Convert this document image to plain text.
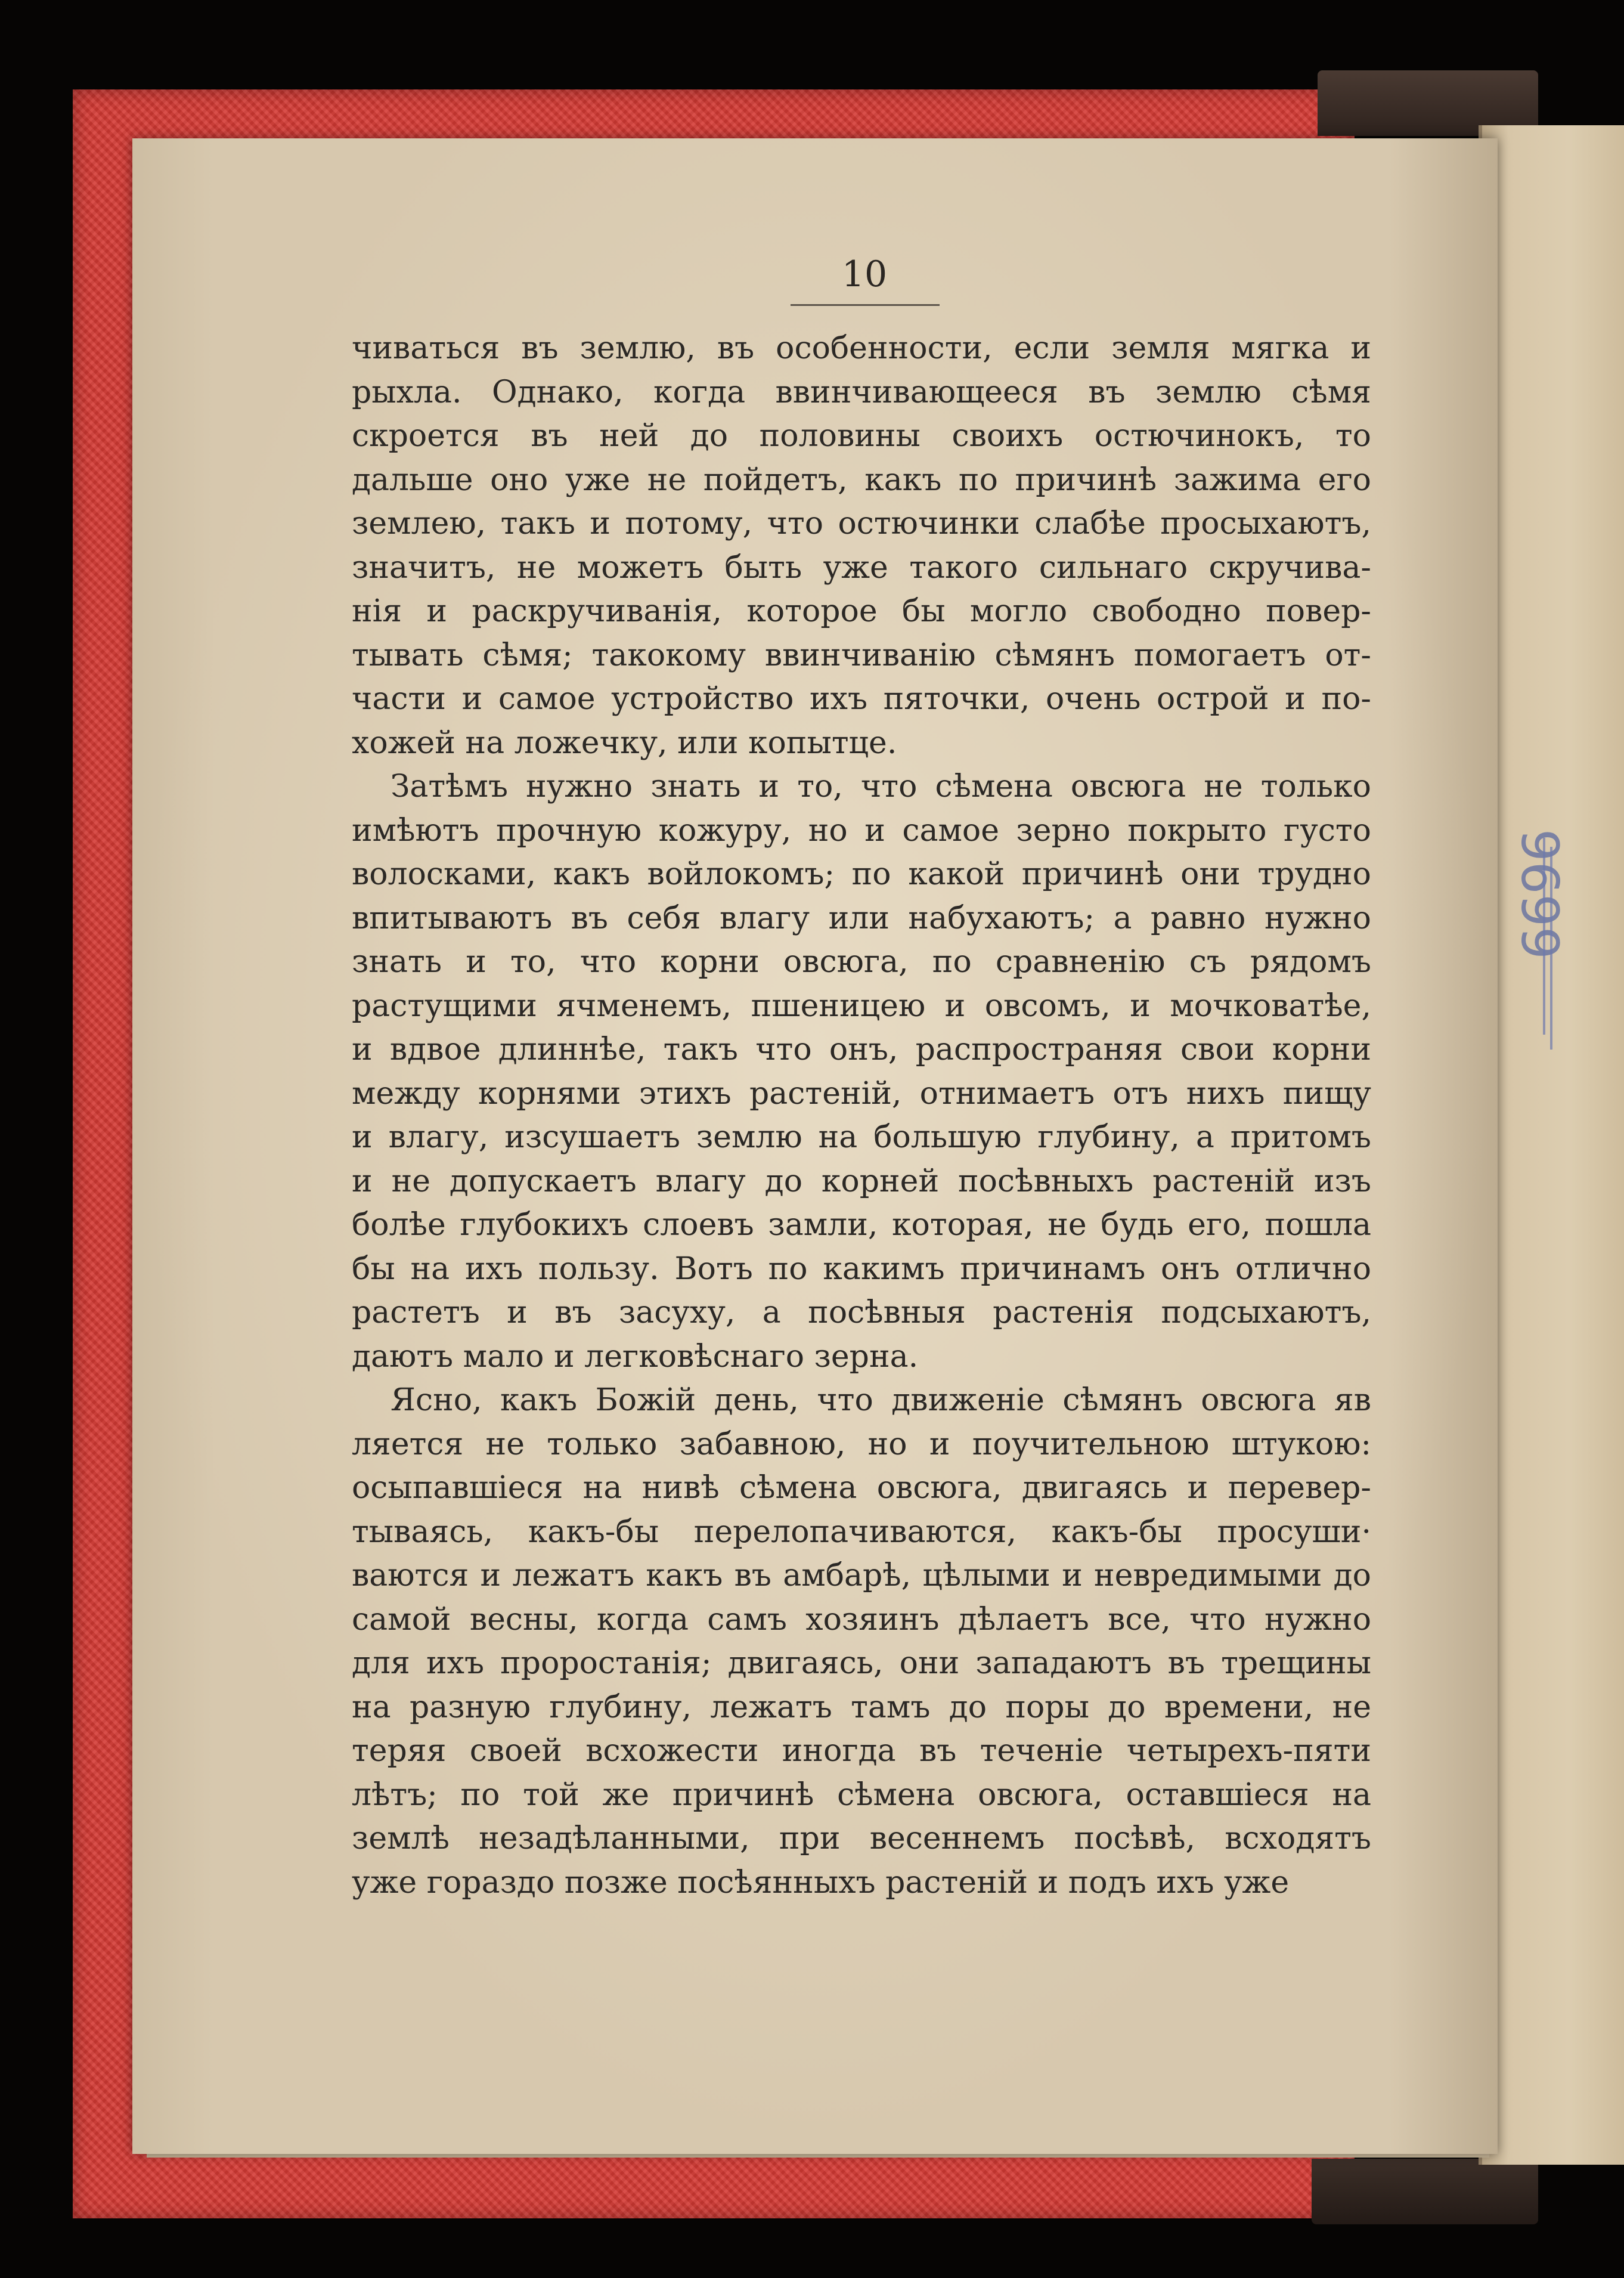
10
чиваться въ землю, въ особенности, если земля мягка и
рыхла. Однако, когда ввинчивающееся въ землю сѣмя
скроется въ ней до половины своихъ остючинокъ, то
дальше оно уже не пойдетъ, какъ по причинѣ зажима его
землею, такъ и потому, что остючинки слабѣе просыхаютъ,
значитъ, не можетъ быть уже такого сильнаго скручива-
нія и раскручиванія, которое бы могло свободно повер-
тывать сѣмя; такокому ввинчиванію сѣмянъ помогаетъ от-
части и самое устройство ихъ пяточки, очень острой и по-
хожей на ложечку, или копытце.
Затѣмъ нужно знать и то, что сѣмена овсюга не только
имѣютъ прочную кожуру, но и самое зерно покрыто густо
волосками, какъ войлокомъ; по какой причинѣ они трудно
впитываютъ въ себя влагу или набухаютъ; а равно нужно
знать и то, что корни овсюга, по сравненію съ рядомъ
растущими ячменемъ, пшеницею и овсомъ, и мочковатѣе,
и вдвое длиннѣе, такъ что онъ, распространяя свои корни
между корнями этихъ растеній, отнимаетъ отъ нихъ пищу
и влагу, изсушаетъ землю на большую глубину, а притомъ
и не допускаетъ влагу до корней посѣвныхъ растеній изъ
болѣе глубокихъ слоевъ замли, которая, не будь его, пошла
бы на ихъ пользу. Вотъ по какимъ причинамъ онъ отлично
растетъ и въ засуху, а посѣвныя растенія подсыхаютъ,
даютъ мало и легковѣснаго зерна.
Ясно, какъ Божій день, что движеніе сѣмянъ овсюга яв
ляется не только забавною, но и поучительною штукою:
осыпавшіеся на нивѣ сѣмена овсюга, двигаясь и перевер-
тываясь, какъ-бы перелопачиваются, какъ-бы просуши·
ваются и лежатъ какъ въ амбарѣ, цѣлыми и невредимыми до
самой весны, когда самъ хозяинъ дѣлаетъ все, что нужно
для ихъ проростанія; двигаясь, они западаютъ въ трещины
на разную глубину, лежатъ тамъ до поры до времени, не
теряя своей всхожести иногда въ теченіе четырехъ-пяти
лѣтъ; по той же причинѣ сѣмена овсюга, оставшіеся на
землѣ незадѣланными, при весеннемъ посѣвѣ, всходятъ
уже гораздо позже посѣянныхъ растеній и подъ ихъ уже
